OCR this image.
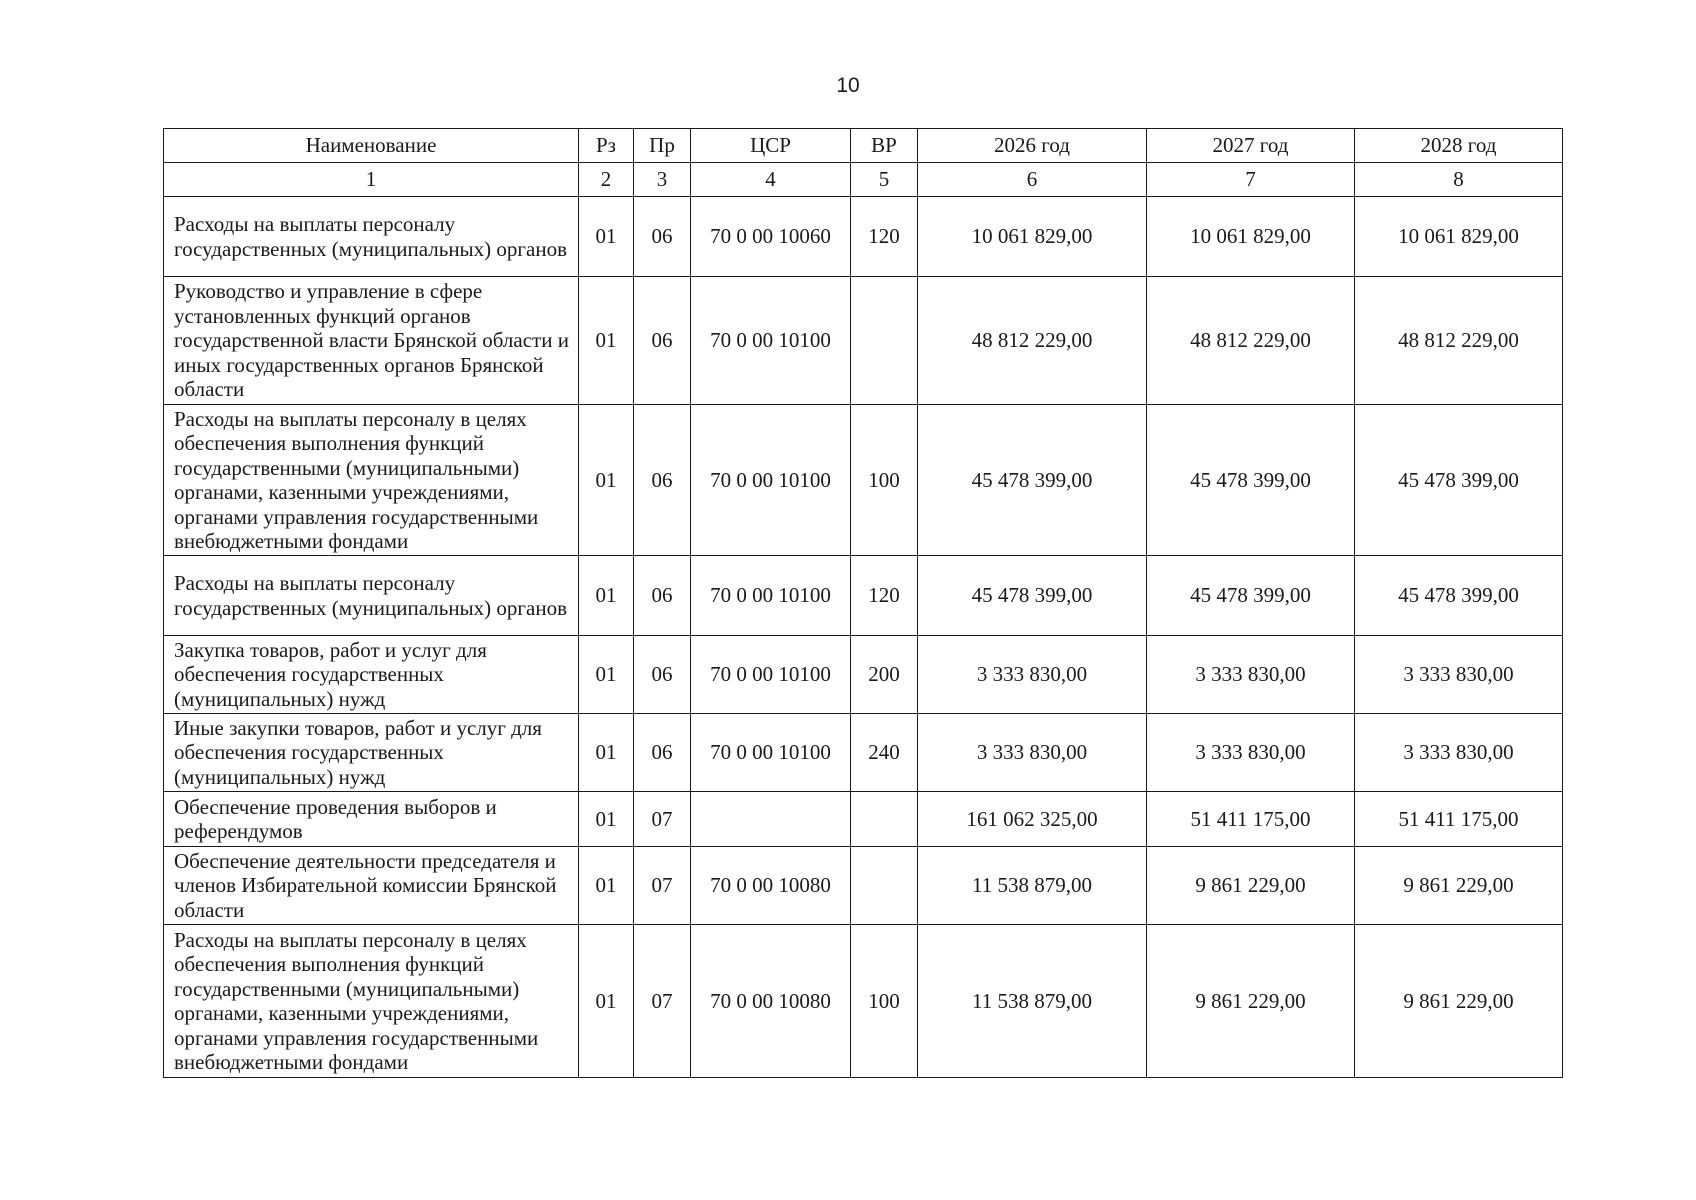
10
Наименование	Рз	Пр	ЦСР	ВР	2026 год	2027 год	2028 год
1	2	3	4	5	6	7	8
Расходы на выплаты персоналу государственных (муниципальных) органов	01	06	70 0 00 10060	120	10 061 829,00	10 061 829,00	10 061 829,00
Руководство и управление в сфере установленных функций органов государственной власти Брянской области и иных государственных органов Брянской области	01	06	70 0 00 10100		48 812 229,00	48 812 229,00	48 812 229,00
Расходы на выплаты персоналу в целях обеспечения выполнения функций государственными (муниципальными) органами, казенными учреждениями, органами управления государственными внебюджетными фондами	01	06	70 0 00 10100	100	45 478 399,00	45 478 399,00	45 478 399,00
Расходы на выплаты персоналу государственных (муниципальных) органов	01	06	70 0 00 10100	120	45 478 399,00	45 478 399,00	45 478 399,00
Закупка товаров, работ и услуг для обеспечения государственных (муниципальных) нужд	01	06	70 0 00 10100	200	3 333 830,00	3 333 830,00	3 333 830,00
Иные закупки товаров, работ и услуг для обеспечения государственных (муниципальных) нужд	01	06	70 0 00 10100	240	3 333 830,00	3 333 830,00	3 333 830,00
Обеспечение проведения выборов и референдумов	01	07			161 062 325,00	51 411 175,00	51 411 175,00
Обеспечение деятельности председателя и членов Избирательной комиссии Брянской области	01	07	70 0 00 10080		11 538 879,00	9 861 229,00	9 861 229,00
Расходы на выплаты персоналу в целях обеспечения выполнения функций государственными (муниципальными) органами, казенными учреждениями, органами управления государственными внебюджетными фондами	01	07	70 0 00 10080	100	11 538 879,00	9 861 229,00	9 861 229,00
